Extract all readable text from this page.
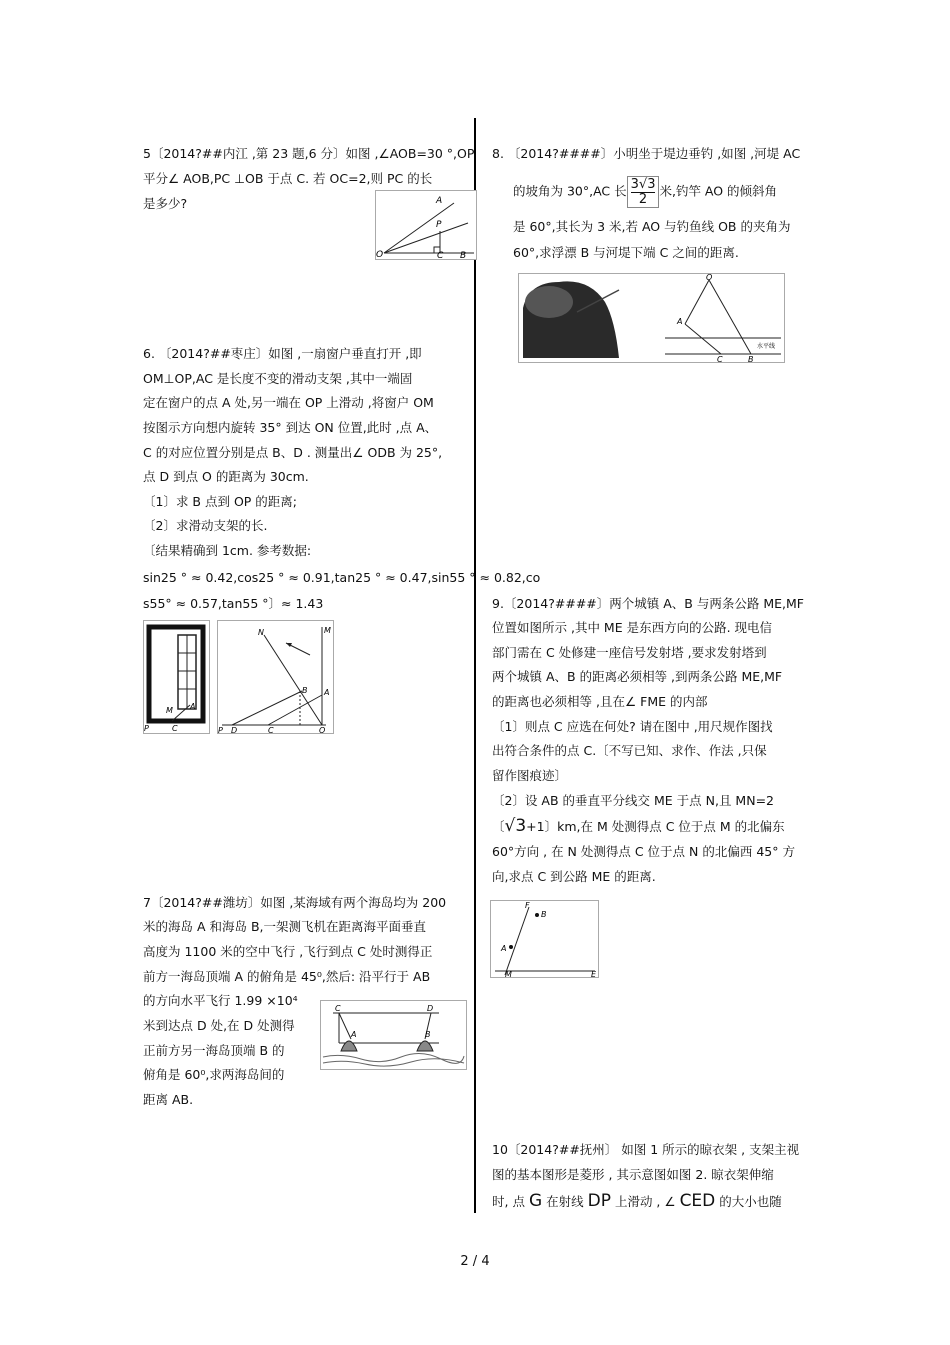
5〔2014?##内江 ,第 23 题,6 分〕如图 ,∠AOB=30 °,OP
平分∠ AOB,PC ⊥OB 于点 C. 若 OC=2,则 PC 的长
是多少?	A
P
O	C B
6. 〔2014?##枣庄〕如图 ,一扇窗户垂直打开 ,即
OM⊥OP,AC 是长度不变的滑动支架 ,其中一端固
定在窗户的点 A 处,另一端在 OP 上滑动 ,将窗户 OM
按图示方向想内旋转 35° 到达 ON 位置,此时 ,点 A、
C 的对应位置分别是点 B、D . 测量出∠ ODB 为 25°,
点 D 到点 O 的距离为 30cm.
〔1〕求 B 点到 OP 的距离;
〔2〕求滑动支架的长.
〔结果精确到 1cm. 参考数据:
sin25 ° ≈ 0.42,cos25 ° ≈ 0.91,tan25 ° ≈ 0.47,sin55 ° ≈ 0.82,co
s55° ≈ 0.57,tan55 °〕≈ 1.43
M A
P	C
N	M
B A
P D	C	O
7〔2014?##潍坊〕如图 ,某海域有两个海岛均为 200
米的海岛 A 和海岛 B,一架测飞机在距离海平面垂直
高度为 1100 米的空中飞行 ,飞行到点 C 处时测得正
前方一海岛顶端 A 的俯角是 45⁰,然后: 沿平行于 AB
的方向水平飞行 1.99 ×10⁴
米到达点 D 处,在 D 处测得
正前方另一海岛顶端 B 的
俯角是 60⁰,求两海岛间的
距离 AB.
C	D
A	B
8. 〔2014?####〕小明坐于堤边垂钓 ,如图 ,河堤 AC
的坡角为 30°,AC 长$\frac{3√3}{2}$ 米,钓竿 AO 的倾斜角
是 60°,其长为 3 米,若 AO 与钓鱼线 OB 的夹角为
60°,求浮漂 B 与河堤下端 C 之间的距离.
O
A
C	B
水平线
9.〔2014?####〕两个城镇 A、B 与两条公路 ME,MF
位置如图所示 ,其中 ME 是东西方向的公路. 现电信
部门需在 C 处修建一座信号发射塔 ,要求发射塔到
两个城镇 A、B 的距离必须相等 ,到两条公路 ME,MF
的距离也必须相等 ,且在∠ FME 的内部
〔1〕则点 C 应选在何处? 请在图中 ,用尺规作图找
出符合条件的点 C.〔不写已知、求作、作法 ,只保
留作图痕迹〕
〔2〕设 AB 的垂直平分线交 ME 于点 N,且 MN=2
〔√3+1〕km,在 M 处测得点 C 位于点 M 的北偏东
60°方向 , 在 N 处测得点 C 位于点 N 的北偏西 45° 方
向,求点 C 到公路 ME 的距离.
F
B
A
M	E
10〔2014?##抚州〕 如图 1 所示的晾衣架 , 支架主视
图的基本图形是菱形 , 其示意图如图 2. 晾衣架伸缩
时, 点 G 在射线 DP 上滑动 , ∠ CED 的大小也随
2 / 4
